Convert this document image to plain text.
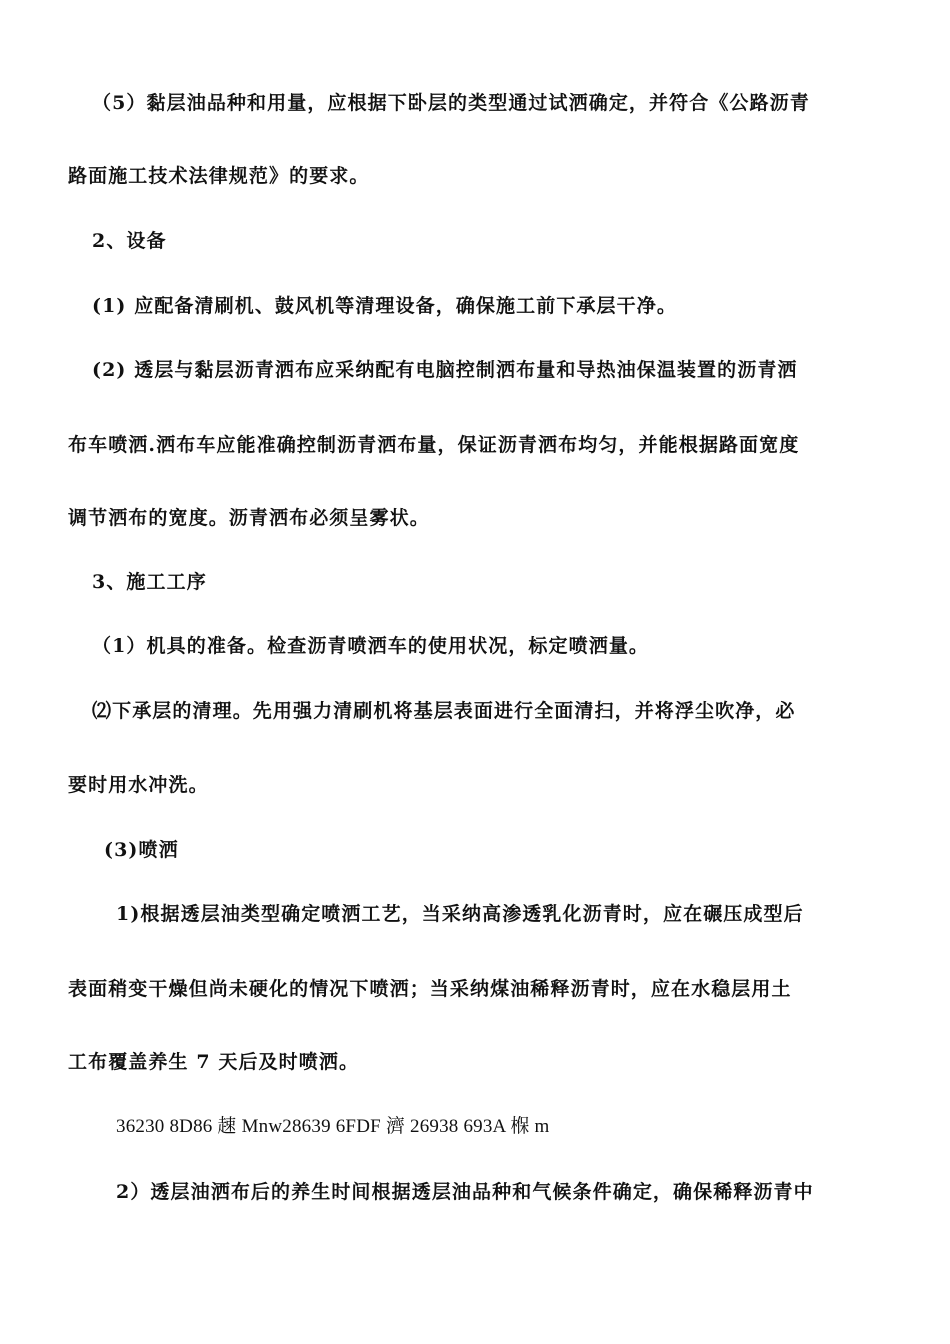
（5）黏层油品种和用量，应根据下卧层的类型通过试洒确定，并符合《公路沥青
路面施工技术法律规范》的要求。
2、设备
(1) 应配备清刷机、鼓风机等清理设备，确保施工前下承层干净。
(2) 透层与黏层沥青洒布应采纳配有电脑控制洒布量和导热油保温装置的沥青洒
布车喷洒.洒布车应能准确控制沥青洒布量，保证沥青洒布均匀，并能根据路面宽度
调节洒布的宽度。沥青洒布必须呈雾状。
3、施工工序
（1）机具的准备。检查沥青喷洒车的使用状况，标定喷洒量。
⑵下承层的清理。先用强力清刷机将基层表面进行全面清扫，并将浮尘吹净，必
要时用水冲洗。
(3)喷洒
1)根据透层油类型确定喷洒工艺，当采纳高渗透乳化沥青时，应在碾压成型后
表面稍变干燥但尚未硬化的情况下喷洒；当采纳煤油稀释沥青时，应在水稳层用土
工布覆盖养生 7 天后及时喷洒。
36230 8D86 趚 Mnw28639 6FDF 濟 26938 693A 椺 m
2）透层油洒布后的养生时间根据透层油品种和气候条件确定，确保稀释沥青中
